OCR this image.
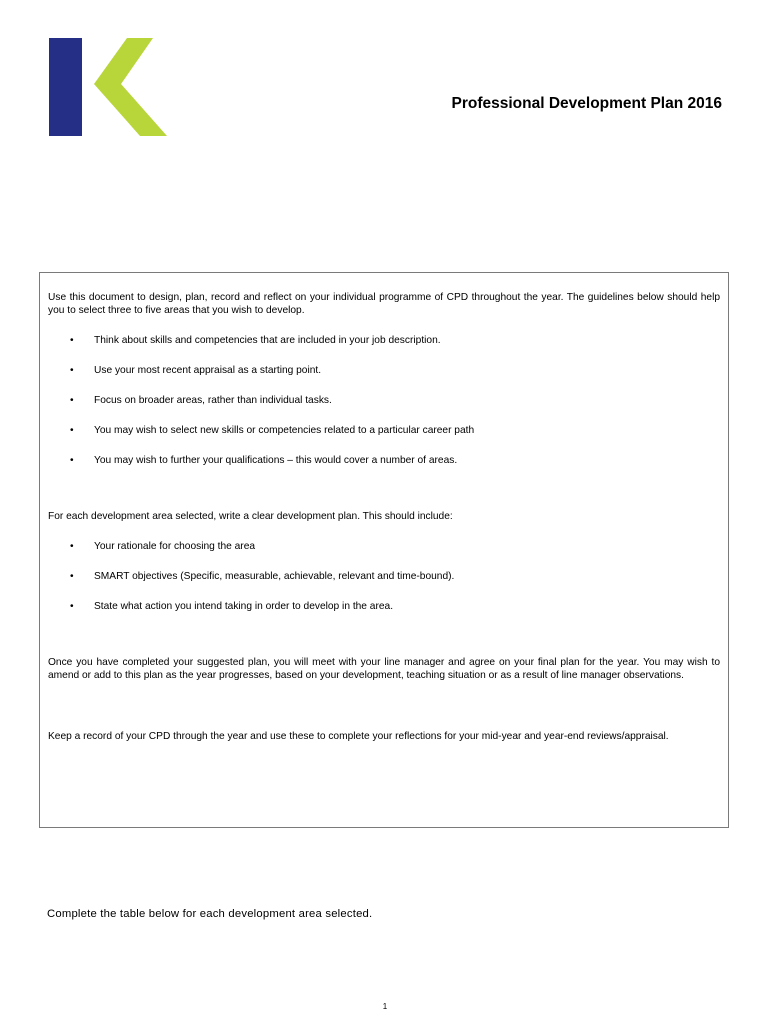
Professional Development Plan 2016

Use this document to design, plan, record and reflect on your individual programme of CPD throughout the year. The guidelines below should help you to select three to five areas that you wish to develop.

• Think about skills and competencies that are included in your job description.
• Use your most recent appraisal as a starting point.
• Focus on broader areas, rather than individual tasks.
• You may wish to select new skills or competencies related to a particular career path
• You may wish to further your qualifications – this would cover a number of areas.

For each development area selected, write a clear development plan. This should include:

• Your rationale for choosing the area
• SMART objectives (Specific, measurable, achievable, relevant and time-bound).
• State what action you intend taking in order to develop in the area.

Once you have completed your suggested plan, you will meet with your line manager and agree on your final plan for the year. You may wish to amend or add to this plan as the year progresses, based on your development, teaching situation or as a result of line manager observations.

Keep a record of your CPD through the year and use these to complete your reflections for your mid-year and year-end reviews/appraisal.

Complete the table below for each development area selected.

1
